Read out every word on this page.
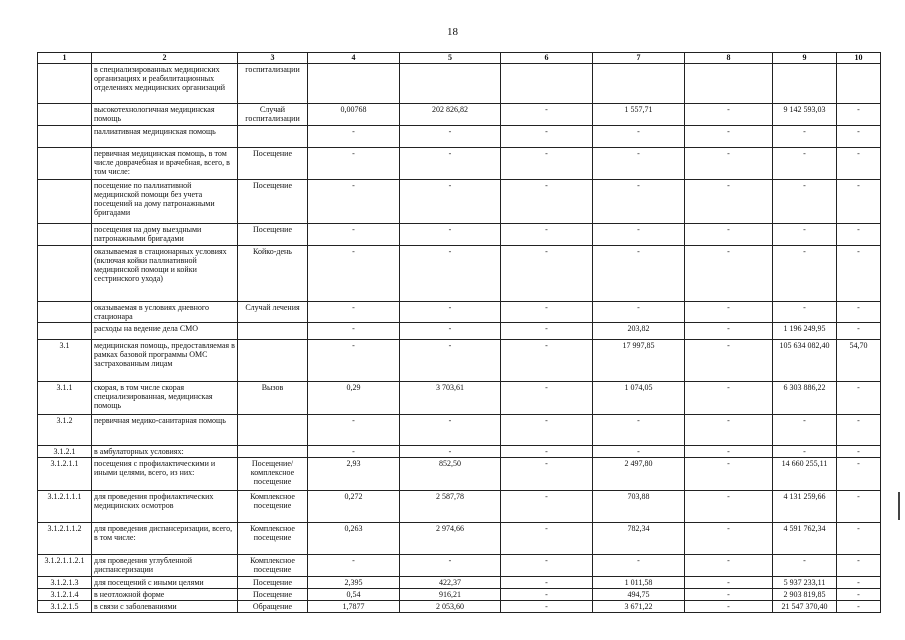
18
1	2	3	4	5	6	7	8	9	10
	в специализированных медицинских организациях и реабилитационных отделениях медицинских организаций	госпитализации							
	высокотехнологичная медицинская помощь	Случай госпитализации	0,00768	202 826,82	-	1 557,71	-	9 142 593,03	-
	паллиативная медицинская помощь		-	-	-	-	-	-	-
	первичная медицинская помощь, в том числе доврачебная и врачебная, всего, в том числе:	Посещение	-	-	-	-	-	-	-
	посещение по паллиативной медицинской помощи без учета посещений на дому патронажными бригадами	Посещение	-	-	-	-	-	-	-
	посещения на дому выездными патронажными бригадами	Посещение	-	-	-	-	-	-	-
	оказываемая в стационарных условиях (включая койки паллиативной медицинской помощи и койки сестринского ухода)	Койко-день	-	-	-	-	-	-	-
	оказываемая в условиях дневного стационара	Случай лечения	-	-	-	-	-	-	-
	расходы на ведение дела СМО		-	-	-	203,82	-	1 196 249,95	-
3.1	медицинская помощь, предоставляемая в рамках базовой программы ОМС застрахованным лицам		-	-	-	17 997,85	-	105 634 082,40	54,70
3.1.1	скорая, в том числе скорая специализированная, медицинская помощь	Вызов	0,29	3 703,61	-	1 074,05	-	6 303 886,22	-
3.1.2	первичная медико-санитарная помощь		-	-	-	-	-	-	-
3.1.2.1	в амбулаторных условиях:		-	-	-	-	-	-	-
3.1.2.1.1	посещения с профилактическими и иными целями, всего, из них:	Посещение/ комплексное посещение	2,93	852,50	-	2 497,80	-	14 660 255,11	-
3.1.2.1.1.1	для проведения профилактических медицинских осмотров	Комплексное посещение	0,272	2 587,78	-	703,88	-	4 131 259,66	-
3.1.2.1.1.2	для проведения диспансеризации, всего, в том числе:	Комплексное посещение	0,263	2 974,66	-	782,34	-	4 591 762,34	-
3.1.2.1.1.2.1	для проведения углубленной диспансеризации	Комплексное посещение	-	-	-	-	-	-	-
3.1.2.1.3	для посещений с иными целями	Посещение	2,395	422,37	-	1 011,58	-	5 937 233,11	-
3.1.2.1.4	в неотложной форме	Посещение	0,54	916,21	-	494,75	-	2 903 819,85	-
3.1.2.1.5	в связи с заболеваниями	Обращение	1,7877	2 053,60	-	3 671,22	-	21 547 370,40	-
